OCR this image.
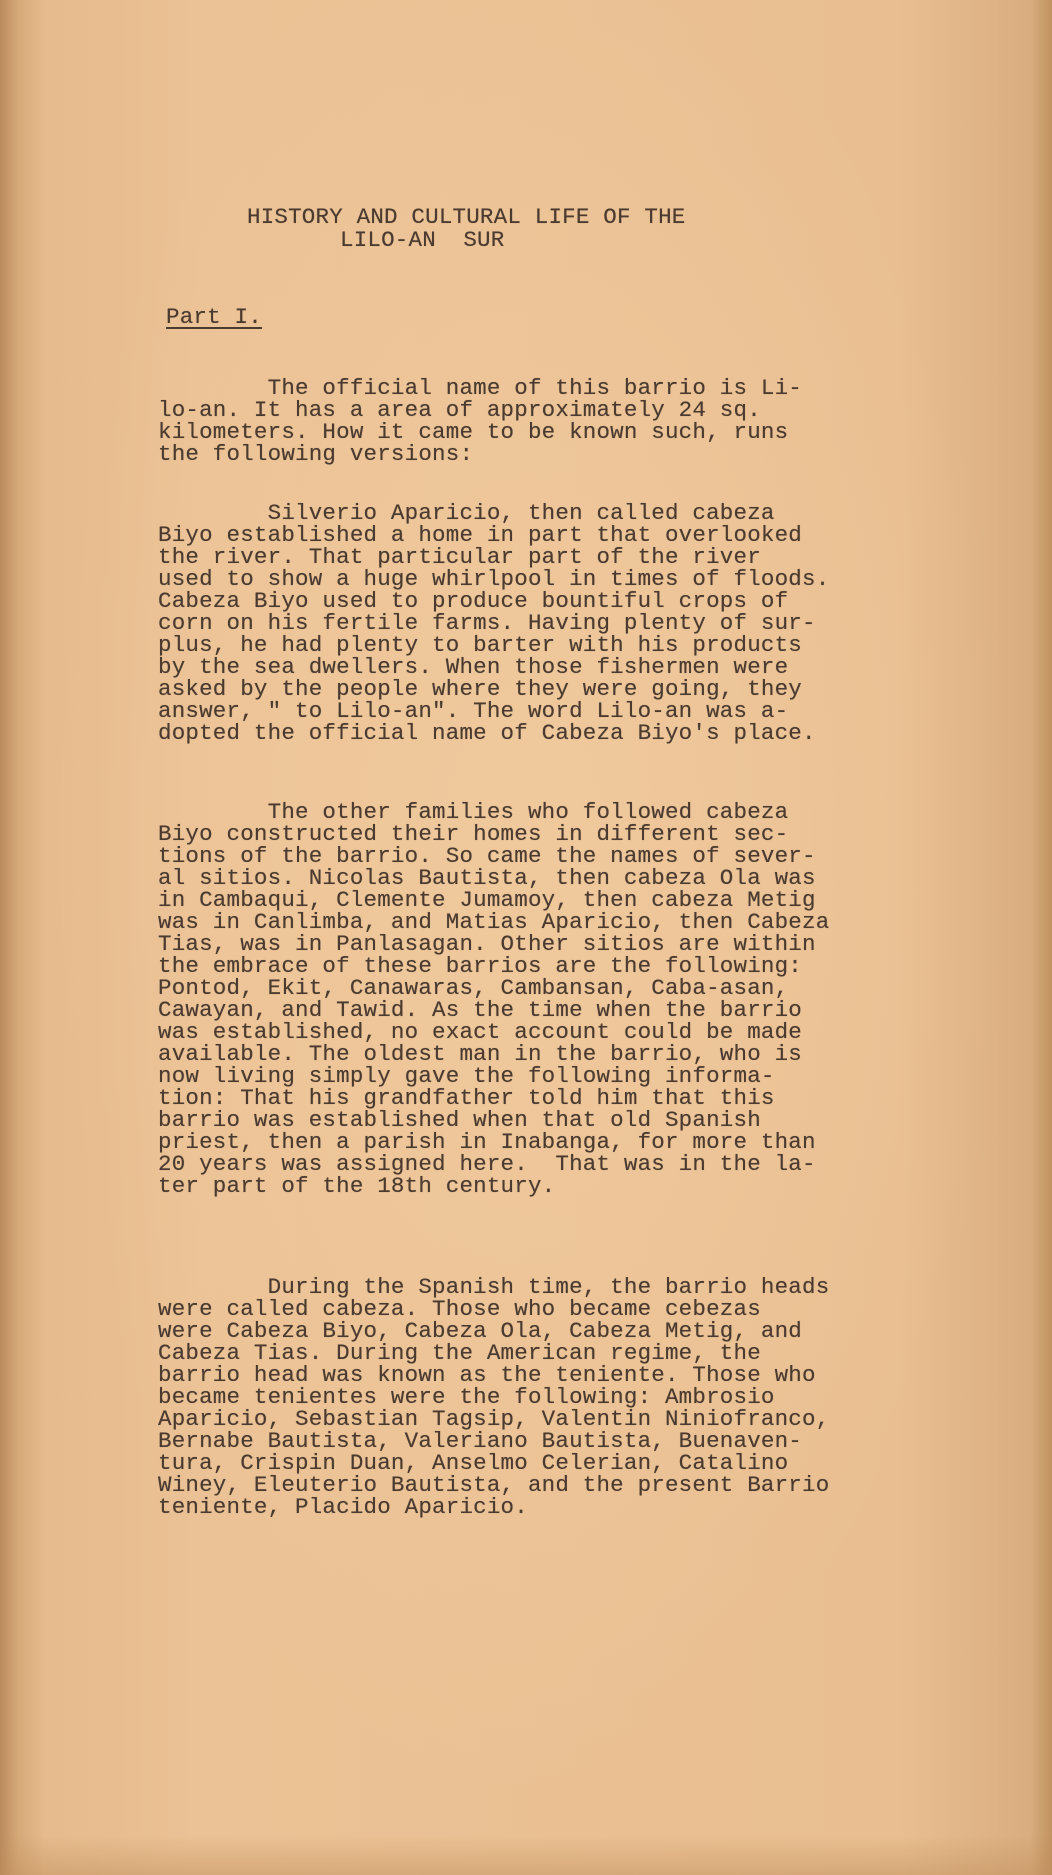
HISTORY AND CULTURAL LIFE OF THE

LILO-AN  SUR

Part I.

The official name of this barrio is Li-
lo-an. It has a area of approximately 24 sq.
kilometers. How it came to be known such, runs
the following versions:
Silverio Aparicio, then called cabeza
Biyo established a home in part that overlooked
the river. That particular part of the river
used to show a huge whirlpool in times of floods.
Cabeza Biyo used to produce bountiful crops of
corn on his fertile farms. Having plenty of sur-
plus, he had plenty to barter with his products
by the sea dwellers. When those fishermen were
asked by the people where they were going, they
answer, " to Lilo-an". The word Lilo-an was a-
dopted the official name of Cabeza Biyo's place.
The other families who followed cabeza
Biyo constructed their homes in different sec-
tions of the barrio. So came the names of sever-
al sitios. Nicolas Bautista, then cabeza Ola was
in Cambaqui, Clemente Jumamoy, then cabeza Metig
was in Canlimba, and Matias Aparicio, then Cabeza
Tias, was in Panlasagan. Other sitios are within
the embrace of these barrios are the following:
Pontod, Ekit, Canawaras, Cambansan, Caba-asan,
Cawayan, and Tawid. As the time when the barrio
was established, no exact account could be made
available. The oldest man in the barrio, who is
now living simply gave the following informa-
tion: That his grandfather told him that this
barrio was established when that old Spanish
priest, then a parish in Inabanga, for more than
20 years was assigned here.  That was in the la-
ter part of the 18th century.
During the Spanish time, the barrio heads
were called cabeza. Those who became cebezas
were Cabeza Biyo, Cabeza Ola, Cabeza Metig, and
Cabeza Tias. During the American regime, the
barrio head was known as the teniente. Those who
became tenientes were the following: Ambrosio
Aparicio, Sebastian Tagsip, Valentin Niniofranco,
Bernabe Bautista, Valeriano Bautista, Buenaven-
tura, Crispin Duan, Anselmo Celerian, Catalino
Winey, Eleuterio Bautista, and the present Barrio
teniente, Placido Aparicio.
